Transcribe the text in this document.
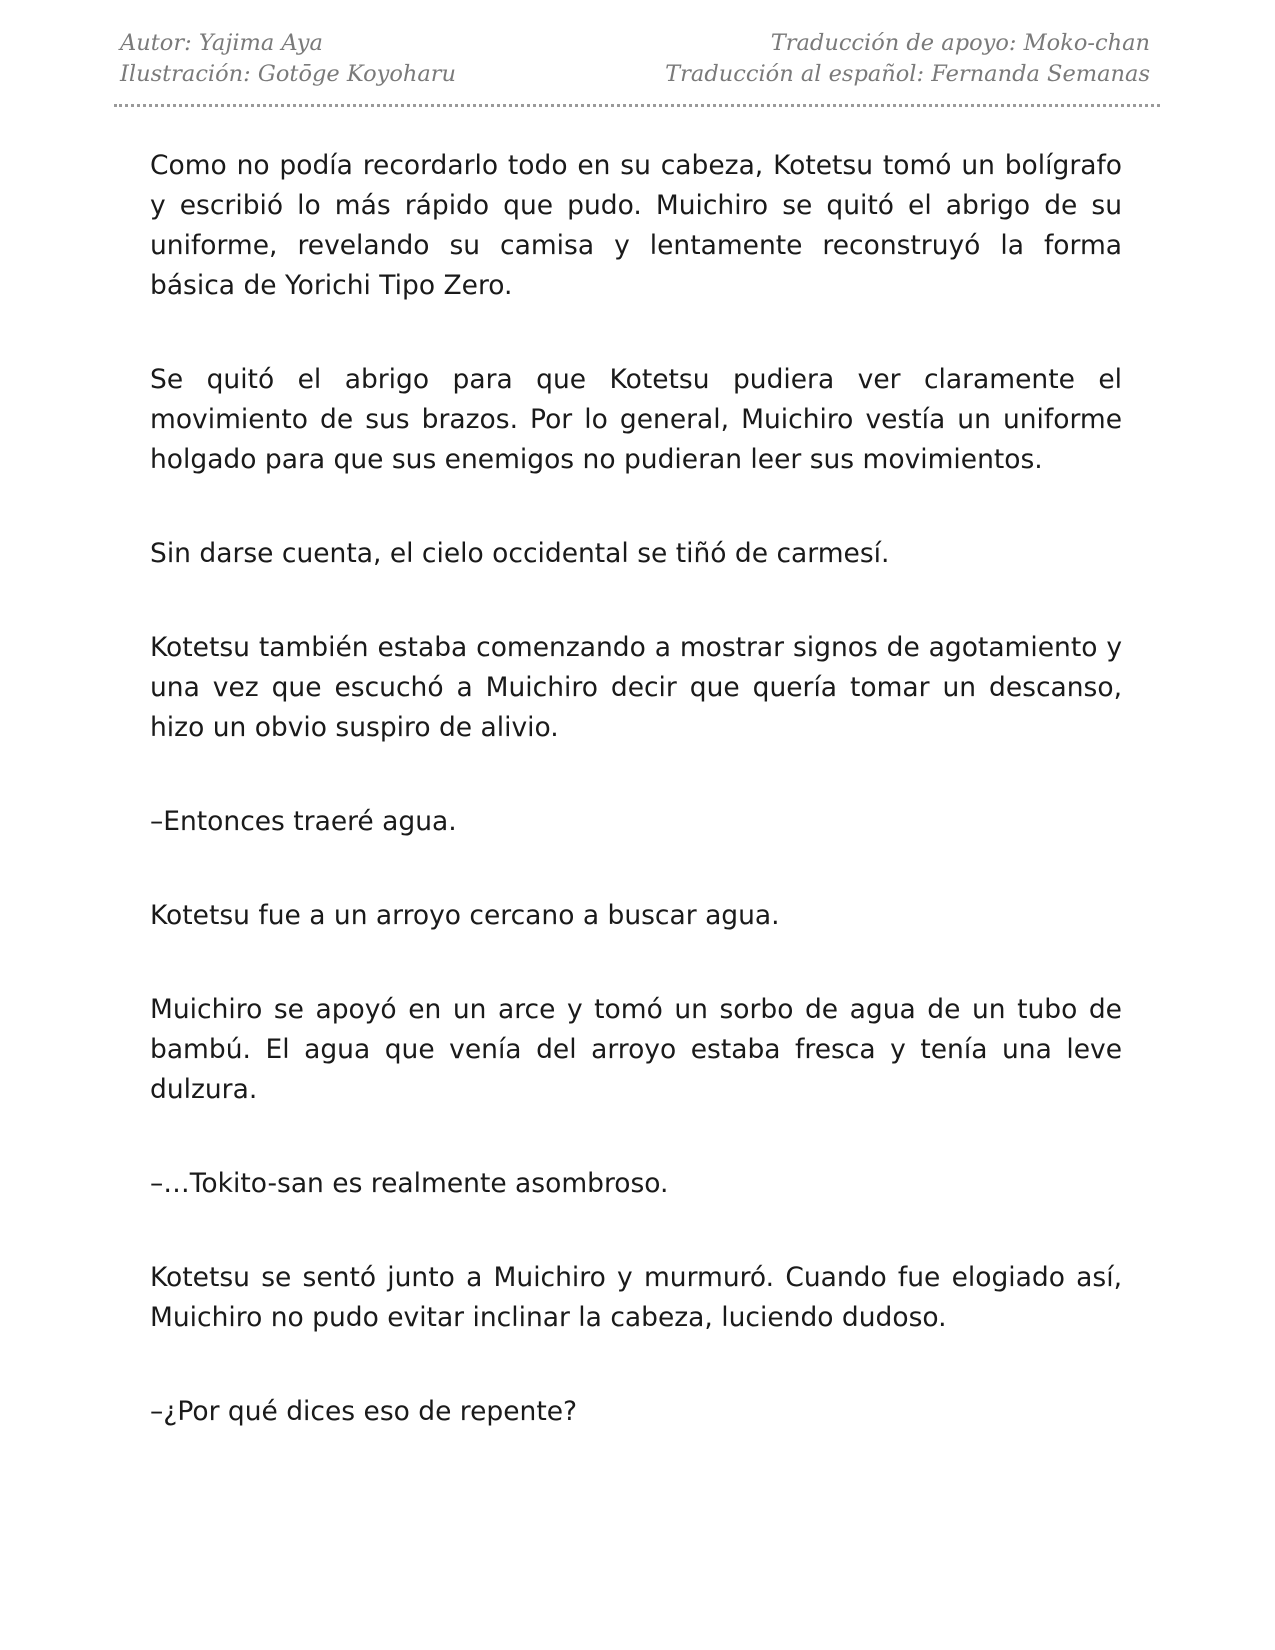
Autor: Yajima Aya
Ilustración: Gotōge Koyoharu
Traducción de apoyo: Moko-chan
Traducción al español: Fernanda Semanas

Como no podía recordarlo todo en su cabeza, Kotetsu tomó un bolígrafo y escribió lo más rápido que pudo. Muichiro se quitó el abrigo de su uniforme, revelando su camisa y lentamente reconstruyó la forma básica de Yorichi Tipo Zero.

Se quitó el abrigo para que Kotetsu pudiera ver claramente el movimiento de sus brazos. Por lo general, Muichiro vestía un uniforme holgado para que sus enemigos no pudieran leer sus movimientos.

Sin darse cuenta, el cielo occidental se tiñó de carmesí.

Kotetsu también estaba comenzando a mostrar signos de agotamiento y una vez que escuchó a Muichiro decir que quería tomar un descanso, hizo un obvio suspiro de alivio.

–Entonces traeré agua.

Kotetsu fue a un arroyo cercano a buscar agua.

Muichiro se apoyó en un arce y tomó un sorbo de agua de un tubo de bambú. El agua que venía del arroyo estaba fresca y tenía una leve dulzura.

–…Tokito-san es realmente asombroso.

Kotetsu se sentó junto a Muichiro y murmuró. Cuando fue elogiado así, Muichiro no pudo evitar inclinar la cabeza, luciendo dudoso.

–¿Por qué dices eso de repente?
